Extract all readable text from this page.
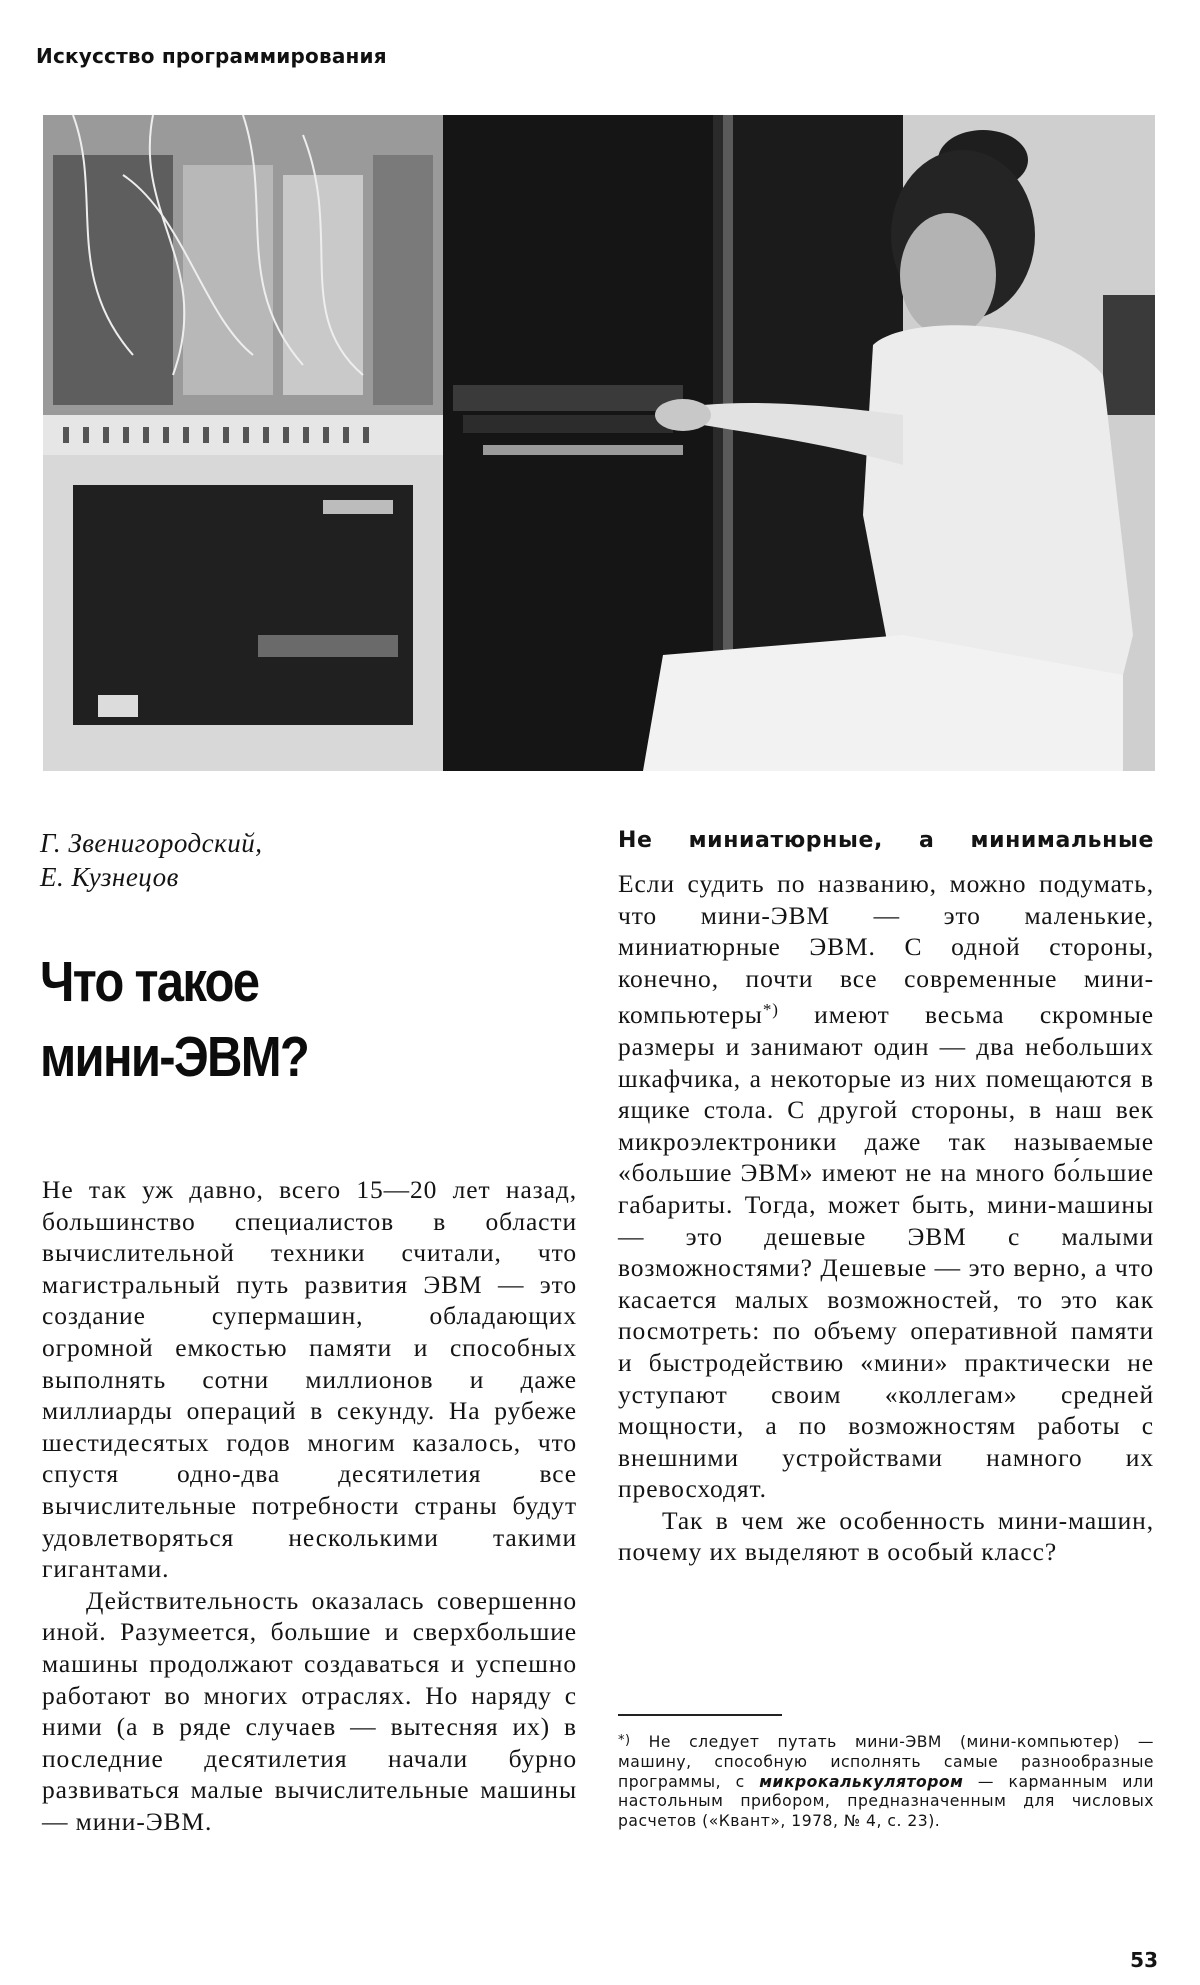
Искусство программирования
Г. Звенигородский,
Е. Кузнецов
Что такое
мини-ЭВМ?

Не так уж давно, всего 15—20 лет назад, большинство специалистов в области вычислительной техники считали, что магистральный путь развития ЭВМ — это создание супермашин, обладающих огромной емкостью памяти и способных выполнять сотни миллионов и даже миллиарды операций в секунду. На рубеже шестидесятых годов многим казалось, что спустя одно-два десятилетия все вычислительные потребности страны будут удовлетворяться несколькими такими гигантами.

Действительность оказалась совершенно иной. Разумеется, большие и сверхбольшие машины продолжают создаваться и успешно работают во многих отраслях. Но наряду с ними (а в ряде случаев — вытесняя их) в последние десятилетия начали бурно развиваться малые вычислительные машины — мини-ЭВМ.

Не миниатюрные, а минимальные

Если судить по названию, можно подумать, что мини-ЭВМ — это маленькие, миниатюрные ЭВМ. С одной стороны, конечно, почти все современные мини-компьютеры*) имеют весьма скромные размеры и занимают один — два небольших шкафчика, а некоторые из них помещаются в ящике стола. С другой стороны, в наш век микроэлектроники даже так называемые «большие ЭВМ» имеют не на много бо́льшие габариты. Тогда, может быть, мини-машины — это дешевые ЭВМ с малыми возможностями? Дешевые — это верно, а что касается малых возможностей, то это как посмотреть: по объему оперативной памяти и быстродействию «мини» практически не уступают своим «коллегам» средней мощности, а по возможностям работы с внешними устройствами намного их превосходят.

Так в чем же особенность мини-машин, почему их выделяют в особый класс?

*) Не следует путать мини-ЭВМ (мини-компьютер) — машину, способную исполнять самые разнообразные программы, с микрокалькулятором — карманным или настольным прибором, предназначенным для числовых расчетов («Квант», 1978, № 4, с. 23).
53
